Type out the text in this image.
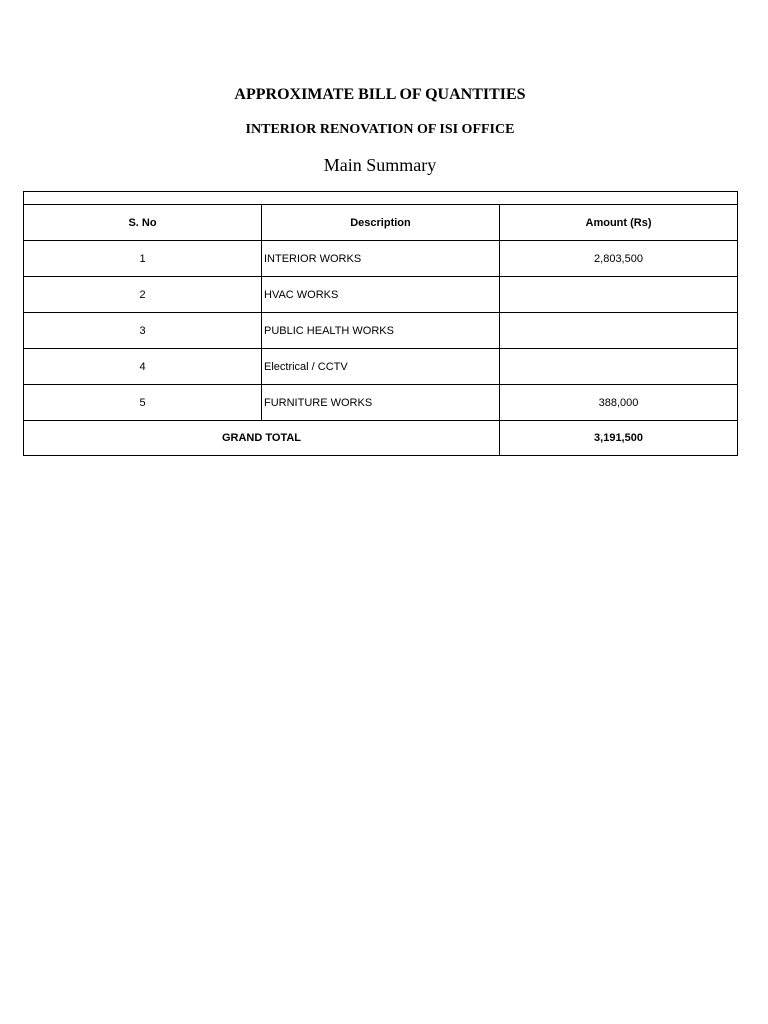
APPROXIMATE BILL OF QUANTITIES
INTERIOR RENOVATION OF ISI OFFICE
Main Summary

S. No	Description	Amount (Rs)
1	INTERIOR WORKS	2,803,500
2	HVAC WORKS	
3	PUBLIC HEALTH WORKS	
4	Electrical / CCTV	
5	FURNITURE WORKS	388,000
GRAND TOTAL		3,191,500
